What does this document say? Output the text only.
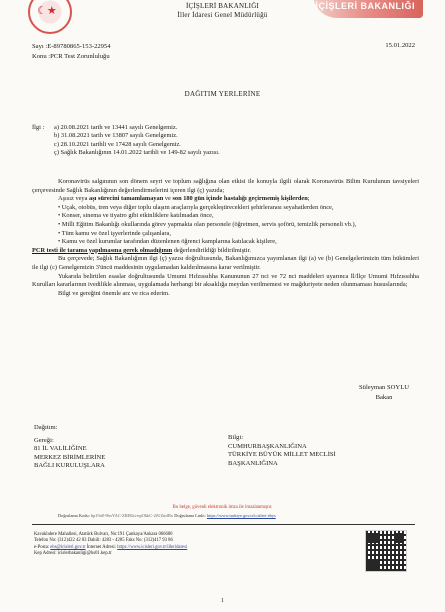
☾★
İÇİŞLERİ BAKANLIĞI
İller İdaresi Genel Müdürlüğü
İÇİŞLERİ BAKANLIĞI
Sayı :E-89780865-153-22954
Konu :PCR Test Zorunluluğu
15.01.2022
DAĞITIM YERLERİNE
İlgi : a) 20.08.2021 tarih ve 13441 sayılı Genelgemiz.
b) 31.08.2021 tarih ve 13807 sayılı Genelgemiz.
c) 28.10.2021 tarihli ve 17428 sayılı Genelgemiz.
ç) Sağlık Bakanlığının 14.01.2022 tarihli ve 149-82 sayılı yazısı.

Koronavirüs salgınının son dönem seyri ve toplum sağlığına olan etkisi ile konuyla ilgili olarak Koronavirüs Bilim Kurulunun tavsiyeleri çerçevesinde Sağlık Bakanlığının değerlendirmelerini içeren ilgi (ç) yazıda;

Aşısız veya aşı sürecini tamamlamayan ve son 180 gün içinde hastalığı geçirmemiş kişilerden;

• Uçak, otobüs, tren veya diğer toplu ulaşım araçlarıyla gerçekleştirecekleri şehirlerarası seyahatlerden önce,

• Konser, sinema ve tiyatro gibi etkinliklere katılmadan önce,

• Milli Eğitim Bakanlığı okullarında görev yapmakta olan personele (öğretmen, servis şoförü, temizlik personeli vb.),

• Tüm kamu ve özel işyerlerinde çalışanlara,

• Kamu ve özel kurumlar tarafından düzenlenen öğrenci kamplarına katılacak kişilere,

PCR testi ile tarama yapılmasına gerek olmadığının değerlendirildiği bildirilmiştir.

Bu çerçevede; Sağlık Bakanlığının ilgi (ç) yazısı doğrultusunda, Bakanlığımızca yayımlanan ilgi (a) ve (b) Genelgelerimizin tüm hükümleri ile ilgi (c) Genelgemizin 3'üncü maddesinin uygulamadan kaldırılmasına karar verilmiştir.

Yukarıda belirtilen esaslar doğrultusunda Umumi Hıfzıssıhha Kanununun 27 nci ve 72 nci maddeleri uyarınca İl/İlçe Umumi Hıfzıssıhha Kurulları kararlarının ivedilikle alınması, uygulamada herhangi bir aksaklığa meydan verilmemesi ve mağduriyete neden olunmaması hususlarında;

Bilgi ve gereğini önemle arz ve rica ederim.

Süleyman SOYLU
Bakan
Dağıtım:
Gereği:
81 İL VALİLİĞİNE
MERKEZ BİRİMLERİNE
BAĞLI KURULUŞLARA
Bilgi:
CUMHURBAŞKANLIĞINA
TÜRKİYE BÜYÜK MİLLET MECLİSİ
BAŞKANLIĞINA
Bu belge, güvenli elektronik imza ile imzalanmıştır.
Doğrulama Kodu: hp19a8-9hxYAC-ZRIKki-npOkkC-2fUZmfRx Doğrulama Linki: https://www.turkiye.gov.tr/icisleri-ebys
Kavaklıdere Mahallesi, Atatürk Bulvarı, No:191 Çankaya/Ankara 066680
Telefon No: (312)422 42 83 Dahili: 4283 - 4285 Faks No: (312)417 93 86
e-Posta: ebs@icisleri.gov.tr İnternet Adresi: https://www.icisleri.gov.tr/illeridaresi
Kep Adresi: icislerbakanligi@hs01.kep.tr
1
